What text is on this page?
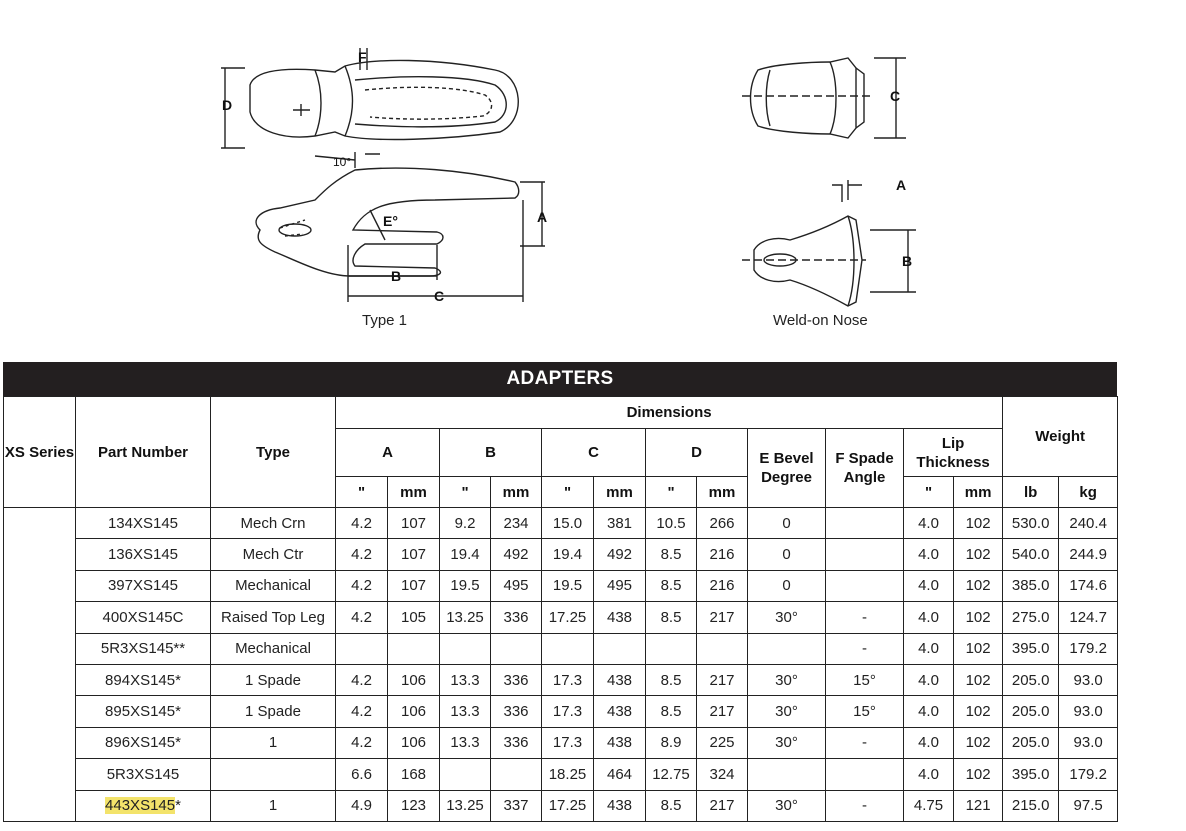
D
F
E°	A
B
C
10°
Type 1
C
A
B
Weld-on Nose
ADAPTERS
XS Series	Part Number	Type	Dimensions												Weight	
			A		B		C		D		E Bevel Degree	F Spade Angle	Lip Thickness			
			"	mm	"	mm	"	mm	"	mm			"	mm	lb	kg
	134XS145	Mech Crn	4.2	107	9.2	234	15.0	381	10.5	266	0		4.0	102	530.0	240.4
	136XS145	Mech Ctr	4.2	107	19.4	492	19.4	492	8.5	216	0		4.0	102	540.0	244.9
	397XS145	Mechanical	4.2	107	19.5	495	19.5	495	8.5	216	0		4.0	102	385.0	174.6
	400XS145C	Raised Top Leg	4.2	105	13.25	336	17.25	438	8.5	217	30°	-	4.0	102	275.0	124.7
	5R3XS145**	Mechanical										-	4.0	102	395.0	179.2
	894XS145*	1 Spade	4.2	106	13.3	336	17.3	438	8.5	217	30°	15°	4.0	102	205.0	93.0
	895XS145*	1 Spade	4.2	106	13.3	336	17.3	438	8.5	217	30°	15°	4.0	102	205.0	93.0
	896XS145*	1	4.2	106	13.3	336	17.3	438	8.9	225	30°	-	4.0	102	205.0	93.0
	5R3XS145		6.6	168			18.25	464	12.75	324			4.0	102	395.0	179.2
	443XS145*	1	4.9	123	13.25	337	17.25	438	8.5	217	30°	-	4.75	121	215.0	97.5
